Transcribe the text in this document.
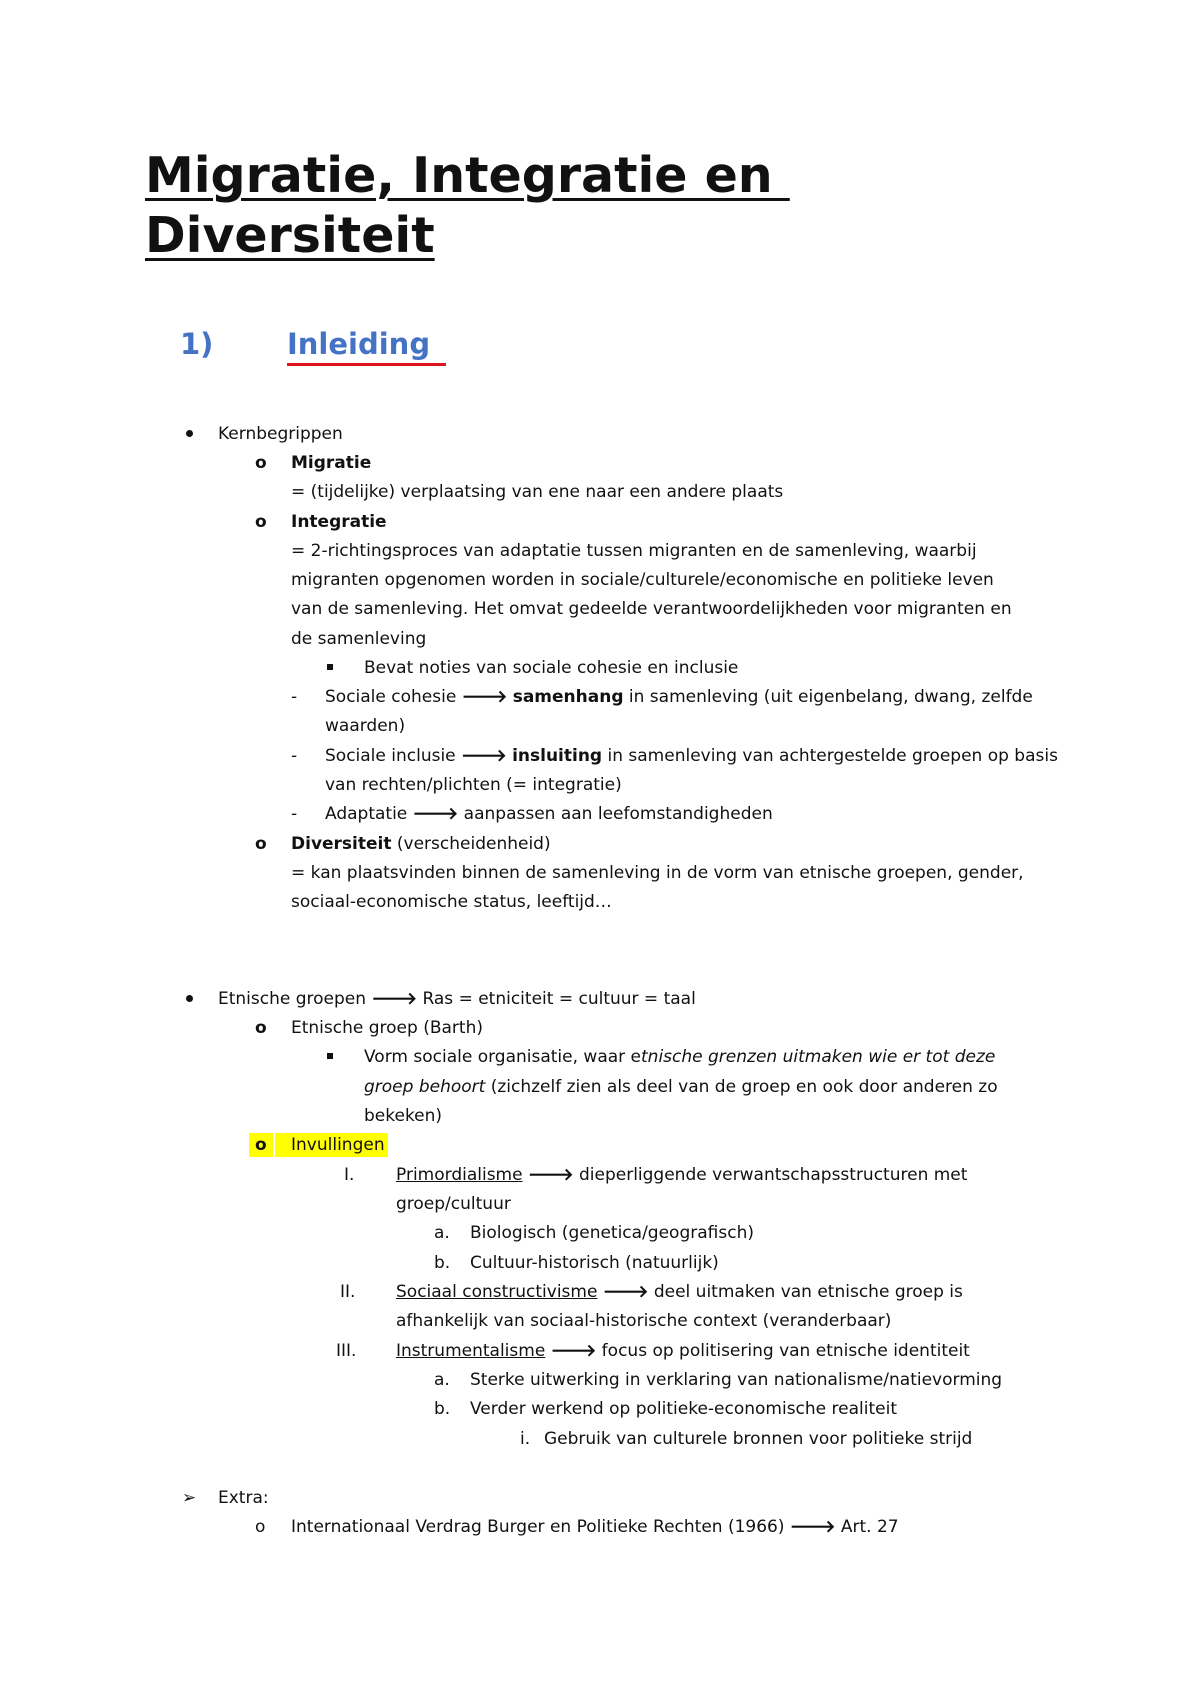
Migratie, Integratie en
Diversiteit
1)	Inleiding
Kernbegrippen
o Migratie
= (tijdelijke) verplaatsing van ene naar een andere plaats
o Integratie
= 2-richtingsproces van adaptatie tussen migranten en de samenleving, waarbij
migranten opgenomen worden in sociale/culturele/economische en politieke leven
van de samenleving. Het omvat gedeelde verantwoordelijkheden voor migranten en
de samenleving
Bevat noties van sociale cohesie en inclusie
- Sociale cohesie 🡒 samenhang in samenleving (uit eigenbelang, dwang, zelfde
waarden)
- Sociale inclusie 🡒 insluiting in samenleving van achtergestelde groepen op basis
van rechten/plichten (= integratie)
- Adaptatie 🡒 aanpassen aan leefomstandigheden
o Diversiteit (verscheidenheid)
= kan plaatsvinden binnen de samenleving in de vorm van etnische groepen, gender,
sociaal-economische status, leeftijd…
Etnische groepen 🡒 Ras = etniciteit = cultuur = taal
o Etnische groep (Barth)
Vorm sociale organisatie, waar etnische grenzen uitmaken wie er tot deze
groep behoort (zichzelf zien als deel van de groep en ook door anderen zo
bekeken)
o	Invullingen
I. Primordialisme 🡒 dieperliggende verwantschapsstructuren met
groep/cultuur
a. Biologisch (genetica/geografisch)
b. Cultuur-historisch (natuurlijk)
II. Sociaal constructivisme 🡒 deel uitmaken van etnische groep is
afhankelijk van sociaal-historische context (veranderbaar)
III. Instrumentalisme 🡒 focus op politisering van etnische identiteit
a. Sterke uitwerking in verklaring van nationalisme/natievorming
b. Verder werkend op politieke-economische realiteit
i. Gebruik van culturele bronnen voor politieke strijd
➢ Extra:
o Internationaal Verdrag Burger en Politieke Rechten (1966) 🡒 Art. 27
